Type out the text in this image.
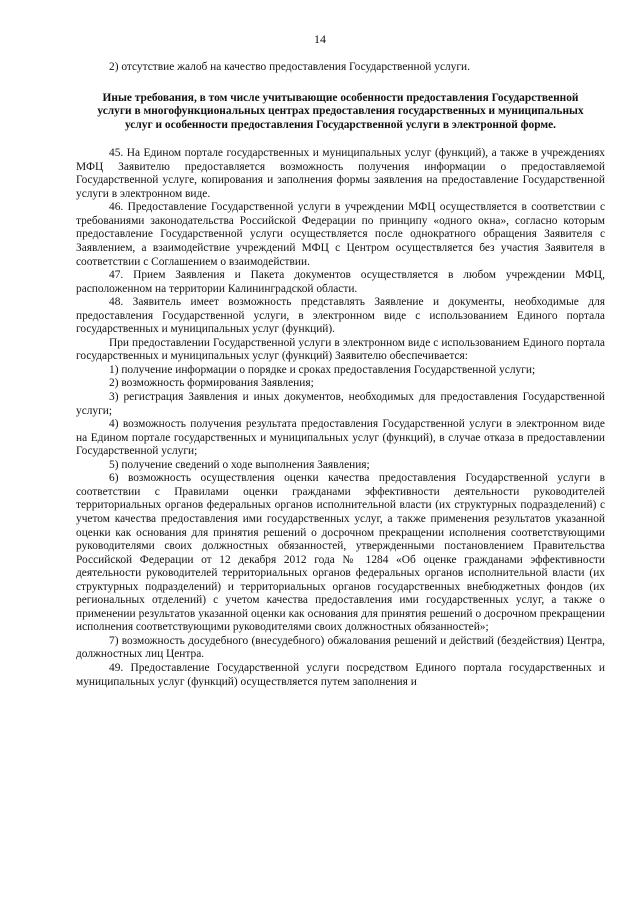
14

2) отсутствие жалоб на качество предоставления Государственной услуги.

Иные требования, в том числе учитывающие особенности предоставления Государственной услуги в многофункциональных центрах предоставления государственных и муниципальных услуг и особенности предоставления Государственной услуги в электронной форме.

45. На Едином портале государственных и муниципальных услуг (функций), а также в учреждениях МФЦ Заявителю предоставляется возможность получения информации о предоставляемой Государственной услуге, копирования и заполнения формы заявления на предоставление Государственной услуги в электронном виде.

46. Предоставление Государственной услуги в учреждении МФЦ осуществляется в соответствии с требованиями законодательства Российской Федерации по принципу «одного окна», согласно которым предоставление Государственной услуги осуществляется после однократного обращения Заявителя с Заявлением, а взаимодействие учреждений МФЦ с Центром осуществляется без участия Заявителя в соответствии с Соглашением о взаимодействии.

47. Прием Заявления и Пакета документов осуществляется в любом учреждении МФЦ, расположенном на территории Калининградской области.

48. Заявитель имеет возможность представлять Заявление и документы, необходимые для предоставления Государственной услуги, в электронном виде с использованием Единого портала государственных и муниципальных услуг (функций).

При предоставлении Государственной услуги в электронном виде с использованием Единого портала государственных и муниципальных услуг (функций) Заявителю обеспечивается:

1) получение информации о порядке и сроках предоставления Государственной услуги;

2) возможность формирования Заявления;

3) регистрация Заявления и иных документов, необходимых для предоставления Государственной услуги;

4) возможность получения результата предоставления Государственной услуги в электронном виде на Едином портале государственных и муниципальных услуг (функций), в случае отказа в предоставлении Государственной услуги;

5) получение сведений о ходе выполнения Заявления;

6) возможность осуществления оценки качества предоставления Государственной услуги в соответствии с Правилами оценки гражданами эффективности деятельности руководителей территориальных органов федеральных органов исполнительной власти (их структурных подразделений) с учетом качества предоставления ими государственных услуг, а также применения результатов указанной оценки как основания для принятия решений о досрочном прекращении исполнения соответствующими руководителями своих должностных обязанностей, утвержденными постановлением Правительства Российской Федерации от 12 декабря 2012 года № 1284 «Об оценке гражданами эффективности деятельности руководителей территориальных органов федеральных органов исполнительной власти (их структурных подразделений) и территориальных органов государственных внебюджетных фондов (их региональных отделений) с учетом качества предоставления ими государственных услуг, а также о применении результатов указанной оценки как основания для принятия решений о досрочном прекращении исполнения соответствующими руководителями своих должностных обязанностей»;

7) возможность досудебного (внесудебного) обжалования решений и действий (бездействия) Центра, должностных лиц Центра.

49. Предоставление Государственной услуги посредством Единого портала государственных и муниципальных услуг (функций) осуществляется путем заполнения и
